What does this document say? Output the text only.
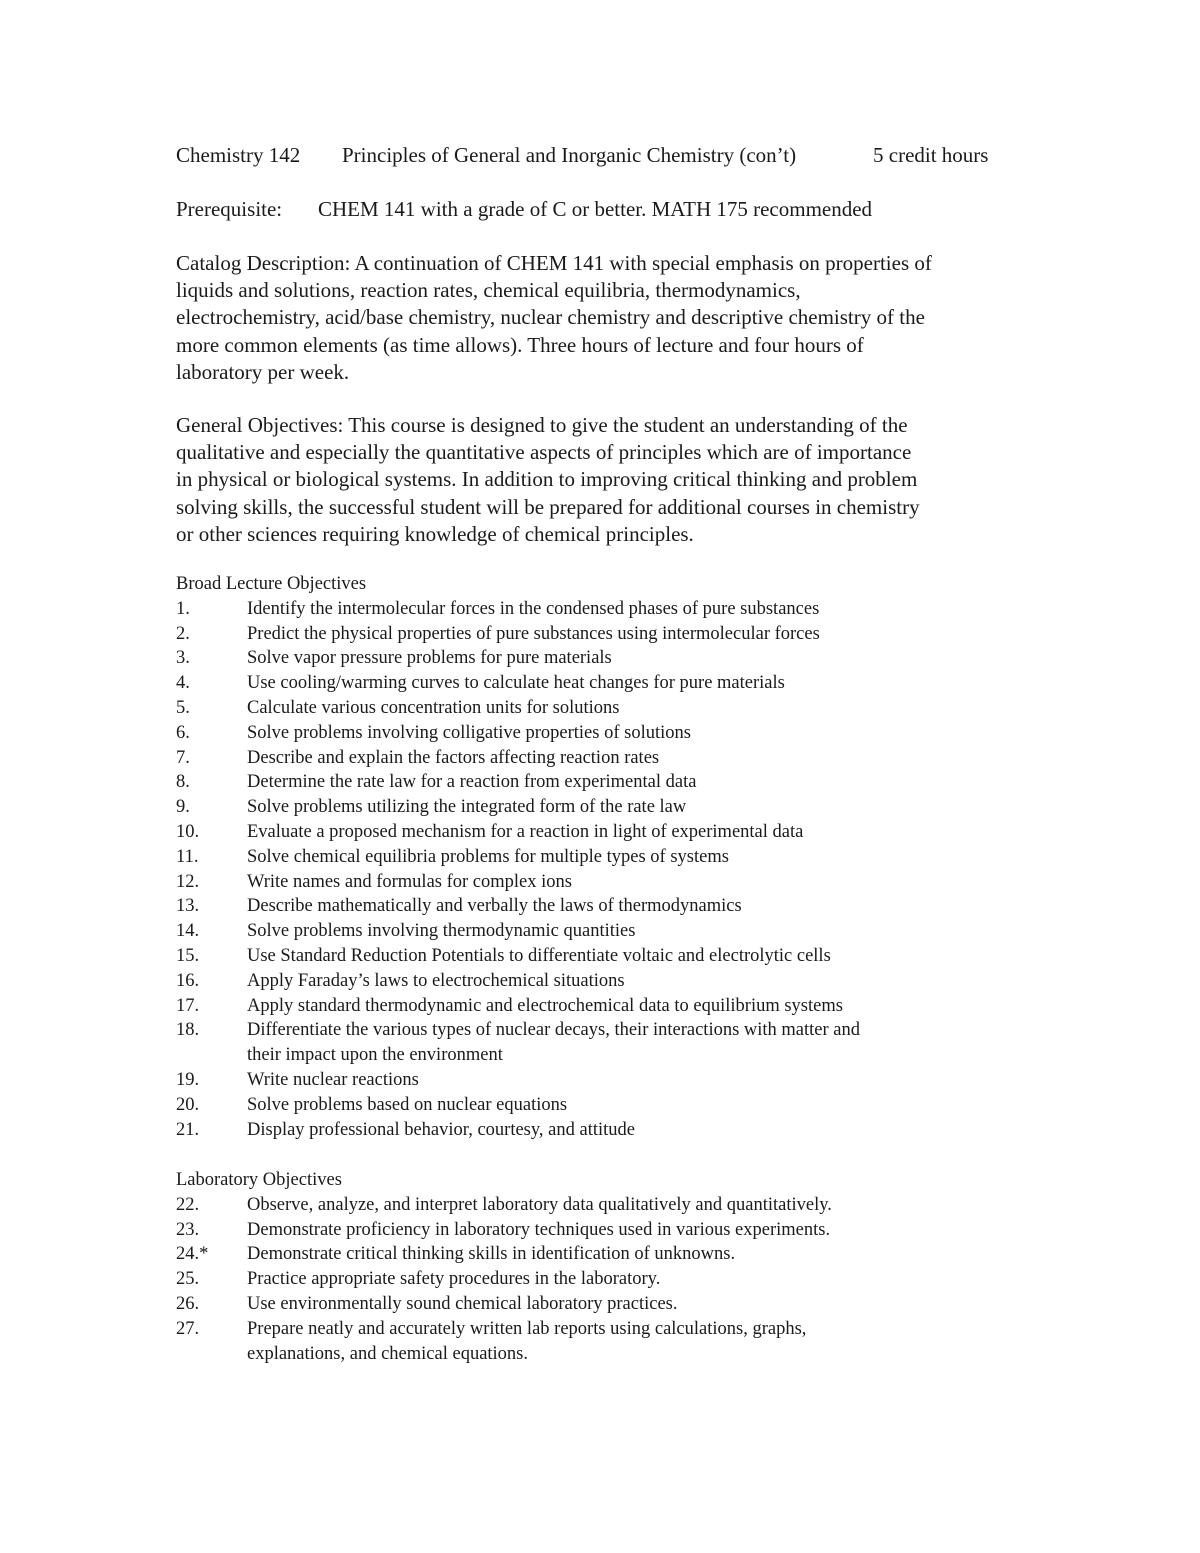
Chemistry 142 Principles of General and Inorganic Chemistry (con’t)	5 credit hours
Prerequisite: CHEM 141 with a grade of C or better. MATH 175 recommended
Catalog Description: A continuation of CHEM 141 with special emphasis on properties of
liquids and solutions, reaction rates, chemical equilibria, thermodynamics,
electrochemistry, acid/base chemistry, nuclear chemistry and descriptive chemistry of the
more common elements (as time allows). Three hours of lecture and four hours of
laboratory per week.
General Objectives: This course is designed to give the student an understanding of the
qualitative and especially the quantitative aspects of principles which are of importance
in physical or biological systems. In addition to improving critical thinking and problem
solving skills, the successful student will be prepared for additional courses in chemistry
or other sciences requiring knowledge of chemical principles.
Broad Lecture Objectives
1.	Identify the intermolecular forces in the condensed phases of pure substances
2.	Predict the physical properties of pure substances using intermolecular forces
3.	Solve vapor pressure problems for pure materials
4.	Use cooling/warming curves to calculate heat changes for pure materials
5.	Calculate various concentration units for solutions
6.	Solve problems involving colligative properties of solutions
7.	Describe and explain the factors affecting reaction rates
8.	Determine the rate law for a reaction from experimental data
9.	Solve problems utilizing the integrated form of the rate law
10.	Evaluate a proposed mechanism for a reaction in light of experimental data
11.	Solve chemical equilibria problems for multiple types of systems
12.	Write names and formulas for complex ions
13.	Describe mathematically and verbally the laws of thermodynamics
14.	Solve problems involving thermodynamic quantities
15.	Use Standard Reduction Potentials to differentiate voltaic and electrolytic cells
16.	Apply Faraday’s laws to electrochemical situations
17.	Apply standard thermodynamic and electrochemical data to equilibrium systems
18.	Differentiate the various types of nuclear decays, their interactions with matter and their impact upon the environment
19.	Write nuclear reactions
20.	Solve problems based on nuclear equations
21.	Display professional behavior, courtesy, and attitude
Laboratory Objectives
22.	Observe, analyze, and interpret laboratory data qualitatively and quantitatively.
23.	Demonstrate proficiency in laboratory techniques used in various experiments.
24.* Demonstrate critical thinking skills in identification of unknowns.
25.	Practice appropriate safety procedures in the laboratory.
26.	Use environmentally sound chemical laboratory practices.
27.	Prepare neatly and accurately written lab reports using calculations, graphs, explanations, and chemical equations.
